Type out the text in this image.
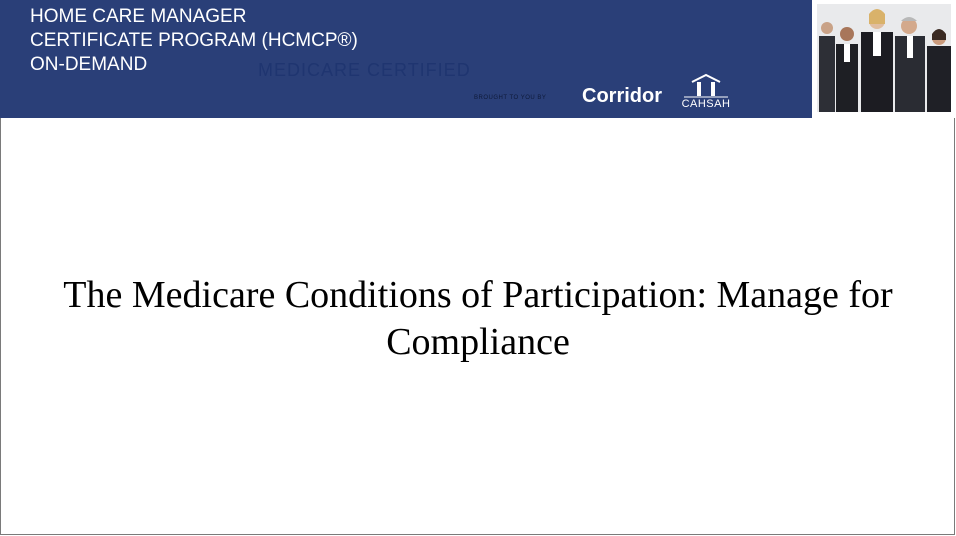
HOME CARE MANAGER
CERTIFICATE PROGRAM (HCMCP®)
ON-DEMAND	MEDICARE CERTIFIED
BROUGHT TO YOU BY Corridor	CAHSAH
The Medicare Conditions of Participation: Manage for Compliance
